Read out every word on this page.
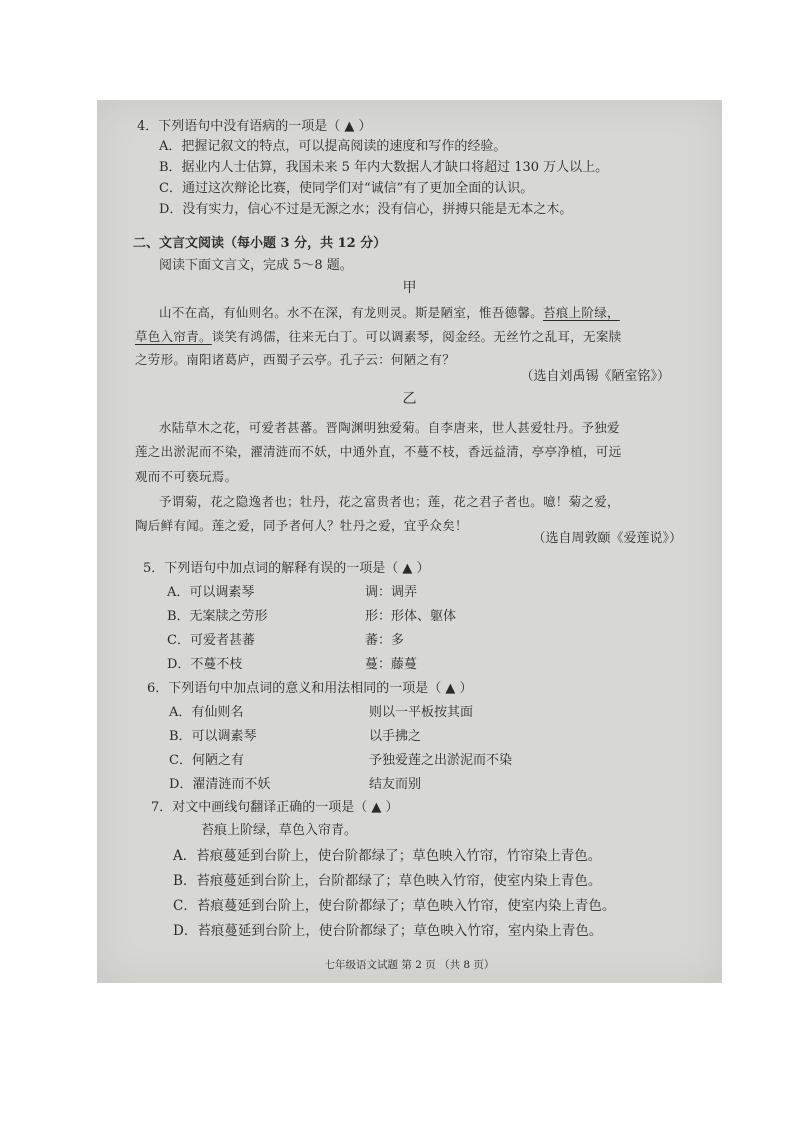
4．下列语句中没有语病的一项是（ ▲ ）
A．把握记叙文的特点，可以提高阅读的速度和写作的经验。
B．据业内人士估算，我国未来 5 年内大数据人才缺口将超过 130 万人以上。
C．通过这次辩论比赛，使同学们对“诚信”有了更加全面的认识。
D．没有实力，信心不过是无源之水；没有信心，拼搏只能是无本之木。
二、文言文阅读（每小题 3 分，共 12 分）
阅读下面文言文，完成 5～8 题。
甲
山不在高，有仙则名。水不在深，有龙则灵。斯是陋室，惟吾德馨。苔痕上阶绿，
草色入帘青。谈笑有鸿儒，往来无白丁。可以调素琴，阅金经。无丝竹之乱耳，无案牍
之劳形。南阳诸葛庐，西蜀子云亭。孔子云：何陋之有？
（选自刘禹锡《陋室铭》）
乙
水陆草木之花，可爱者甚蕃。晋陶渊明独爱菊。自李唐来，世人甚爱牡丹。予独爱
莲之出淤泥而不染，濯清涟而不妖，中通外直，不蔓不枝，香远益清，亭亭净植，可远
观而不可亵玩焉。
予谓菊，花之隐逸者也；牡丹，花之富贵者也；莲，花之君子者也。噫！菊之爱，
陶后鲜有闻。莲之爱，同予者何人？牡丹之爱，宜乎众矣！
（选自周敦颐《爱莲说》）
5．下列语句中加点词的解释有误的一项是（ ▲ ）
A．可以调素琴	调：调弄
B．无案牍之劳形	形：形体、躯体
C．可爱者甚蕃	蕃：多
D．不蔓不枝	蔓：藤蔓
6．下列语句中加点词的意义和用法相同的一项是（ ▲ ）
A．有仙则名	则以一平板按其面
B．可以调素琴	以手拂之
C．何陋之有	予独爱莲之出淤泥而不染
D．濯清涟而不妖	结友而别
7．对文中画线句翻译正确的一项是（ ▲ ）
苔痕上阶绿，草色入帘青。
A．苔痕蔓延到台阶上，使台阶都绿了；草色映入竹帘，竹帘染上青色。
B．苔痕蔓延到台阶上，台阶都绿了；草色映入竹帘，使室内染上青色。
C．苔痕蔓延到台阶上，使台阶都绿了；草色映入竹帘，使室内染上青色。
D．苔痕蔓延到台阶上，使台阶都绿了；草色映入竹帘，室内染上青色。
七年级语文试题 第 2 页 （共 8 页）
